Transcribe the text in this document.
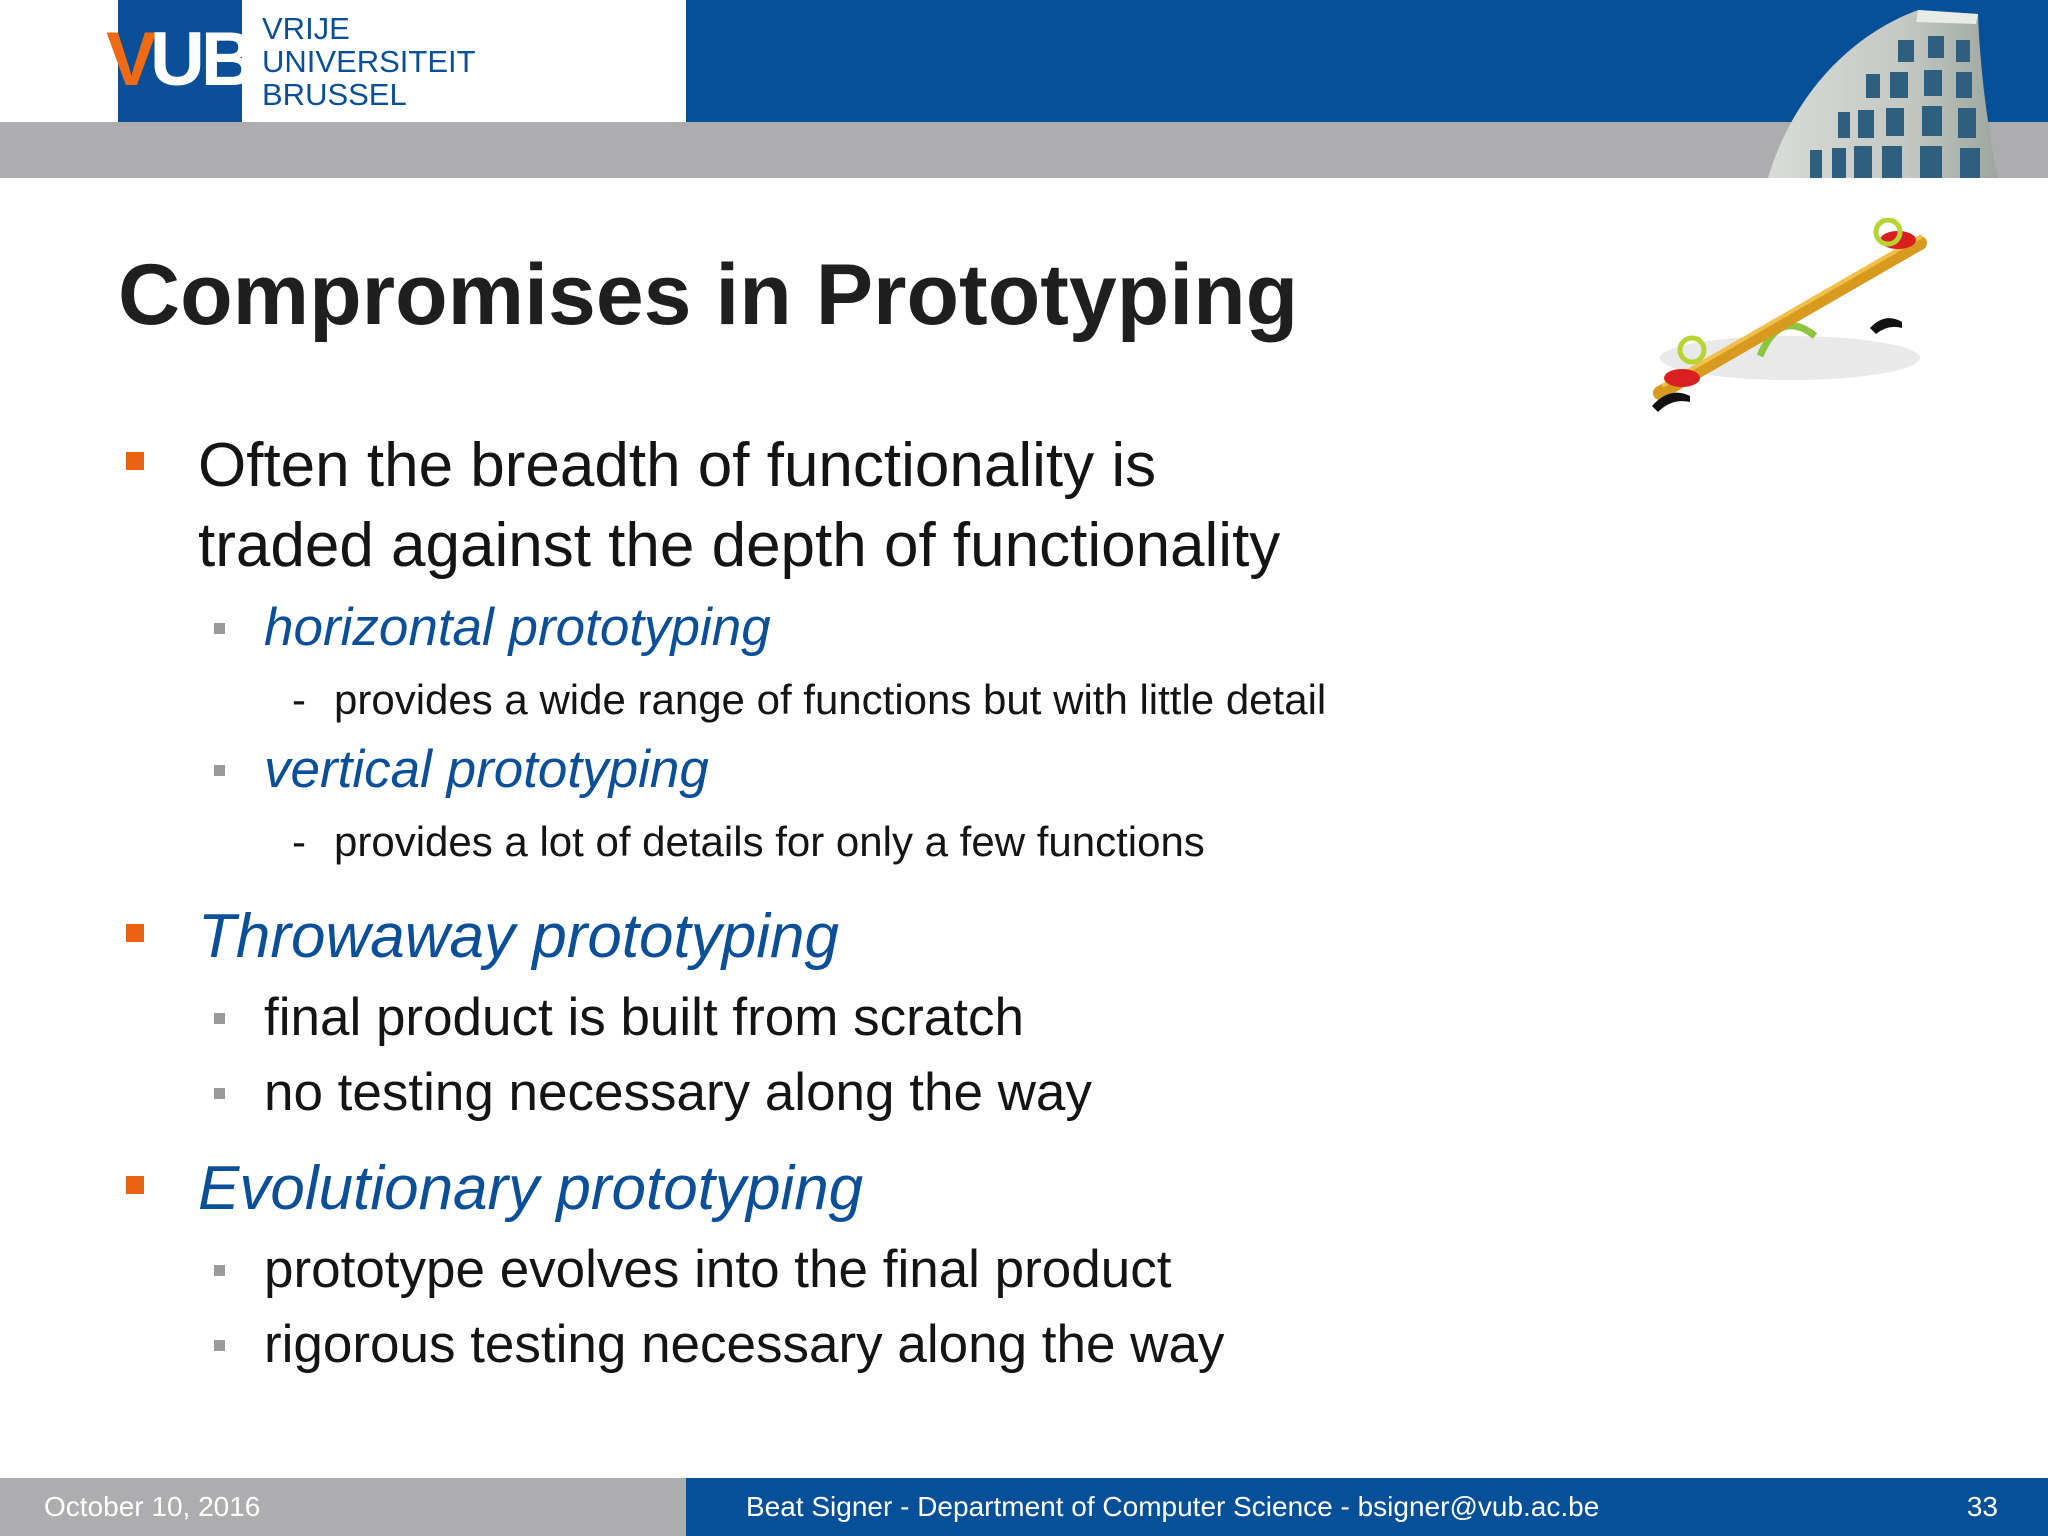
V
UB VRIJE
UNIVERSITEIT
BRUSSEL
Compromises in Prototyping
Often the breadth of functionality is
traded against the depth of functionality
horizontal prototyping
- provides a wide range of functions but with little detail
vertical prototyping
- provides a lot of details for only a few functions
Throwaway prototyping
final product is built from scratch
no testing necessary along the way
Evolutionary prototyping
prototype evolves into the final product
rigorous testing necessary along the way
October 10, 2016	Beat Signer - Department of Computer Science - bsigner@vub.ac.be	33
